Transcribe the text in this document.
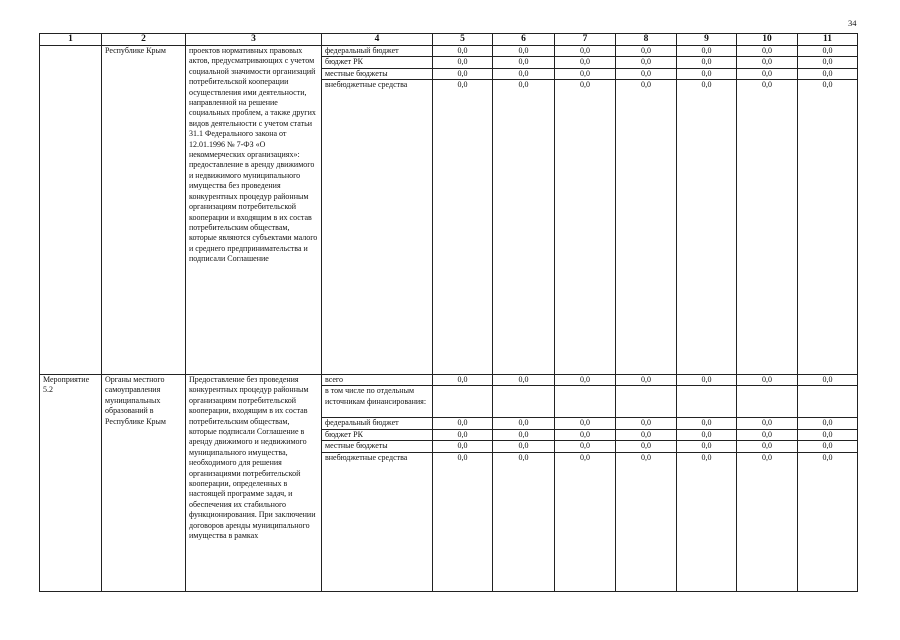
34
1	2	3	4	5	6	7	8	9	10	11
	Республике Крым	проектов нормативных правовых актов, предусматривающих с учетом социальной значимости организаций потребительской кооперации осуществления ими деятельности, направленной на решение социальных проблем, а также других видов деятельности с учетом статьи 31.1 Федерального закона от 12.01.1996 № 7-ФЗ «О некоммерческих организациях»: предоставление в аренду движимого и недвижимого муниципального имущества без проведения конкурентных процедур районным организациям потребительской кооперации и входящим в их состав потребительским обществам, которые являются субъектами малого и среднего предпринимательства и подписали Соглашение	федеральный бюджет	0,0	0,0	0,0	0,0	0,0	0,0	0,0
			бюджет РК	0,0	0,0	0,0	0,0	0,0	0,0	0,0
			местные бюджеты	0,0	0,0	0,0	0,0	0,0	0,0	0,0
			внебюджетные средства	0,0	0,0	0,0	0,0	0,0	0,0	0,0

Мероприятие 5.2	Органы местного самоуправления муниципальных образований в Республике Крым	Предоставление без проведения конкурентных процедур районным организациям потребительской кооперации, входящим в их состав потребительским обществам, которые подписали Соглашение в аренду движимого и недвижимого муниципального имущества, необходимого для решения организациями потребительской кооперации, определенных в настоящей программе задач, и обеспечения их стабильного функционирования. При заключении договоров аренды муниципального имущества в рамках	всего	0,0	0,0	0,0	0,0	0,0	0,0	0,0
			в том числе по отдельным источникам финансирования:							
			федеральный бюджет	0,0	0,0	0,0	0,0	0,0	0,0	0,0
			бюджет РК	0,0	0,0	0,0	0,0	0,0	0,0	0,0
			местные бюджеты	0,0	0,0	0,0	0,0	0,0	0,0	0,0
			внебюджетные средства	0,0	0,0	0,0	0,0	0,0	0,0	0,0
